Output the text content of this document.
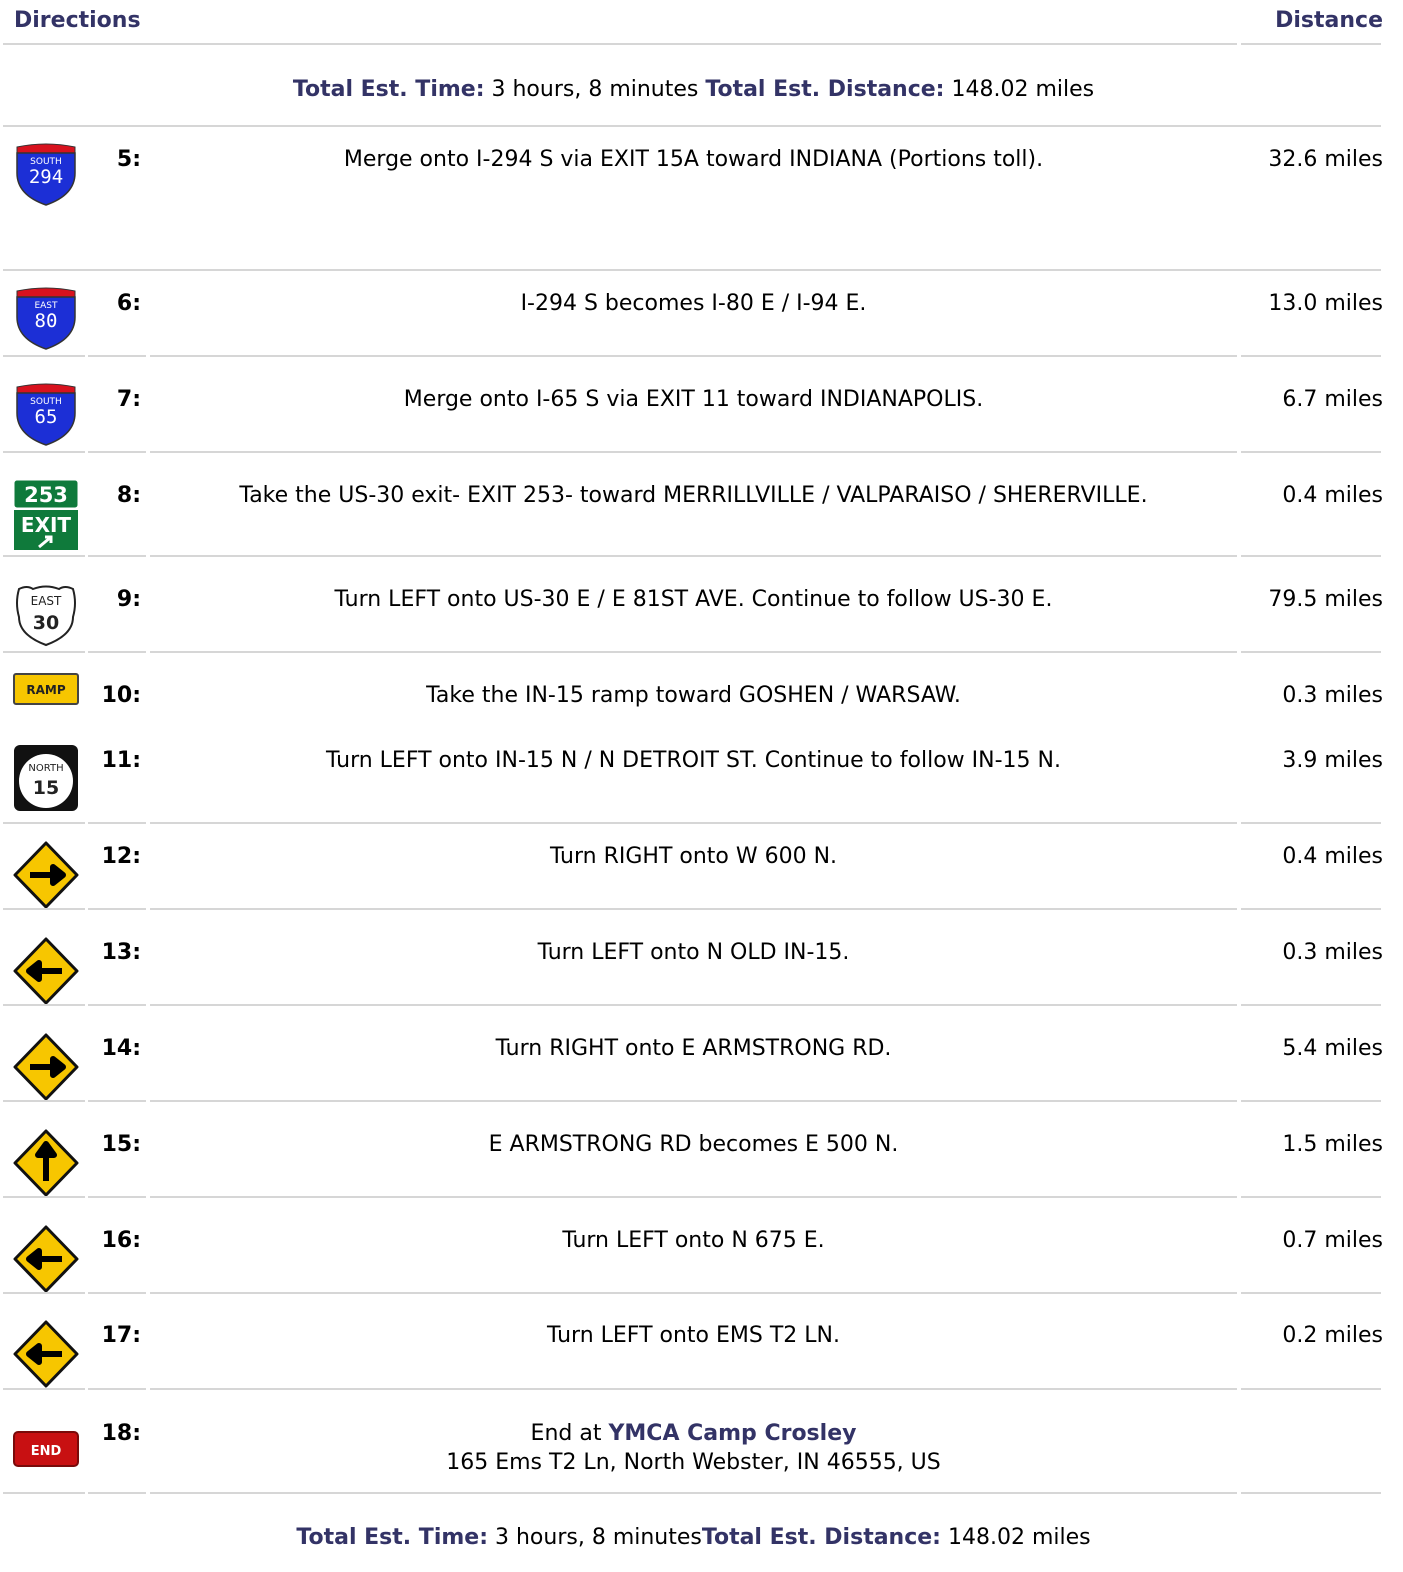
Directions	Distance
Total Est. Time: 3 hours, 8 minutes Total Est. Distance: 148.02 miles
SOUTH
294
5:	Merge onto I-294 S via EXIT 15A toward INDIANA (Portions toll).	32.6 miles
EAST
80
6:	I-294 S becomes I-80 E / I-94 E.	13.0 miles
SOUTH
65
7:	Merge onto I-65 S via EXIT 11 toward INDIANAPOLIS.	6.7 miles
253
EXIT
8:	Take the US-30 exit- EXIT 253- toward MERRILLVILLE / VALPARAISO / SHERERVILLE.	0.4 miles
EAST
30
9:	Turn LEFT onto US-30 E / E 81ST AVE. Continue to follow US-30 E.	79.5 miles
RAMP 10:	Take the IN-15 ramp toward GOSHEN / WARSAW.	0.3 miles
NORTH
15
11:	Turn LEFT onto IN-15 N / N DETROIT ST. Continue to follow IN-15 N.	3.9 miles
12:	Turn RIGHT onto W 600 N.	0.4 miles
13:	Turn LEFT onto N OLD IN-15.	0.3 miles
14:	Turn RIGHT onto E ARMSTRONG RD.	5.4 miles
15:	E ARMSTRONG RD becomes E 500 N.	1.5 miles
16:	Turn LEFT onto N 675 E.	0.7 miles
17:	Turn LEFT onto EMS T2 LN.	0.2 miles
END
18:	End at YMCA Camp Crosley
165 Ems T2 Ln, North Webster, IN 46555, US
Total Est. Time: 3 hours, 8 minutesTotal Est. Distance: 148.02 miles
